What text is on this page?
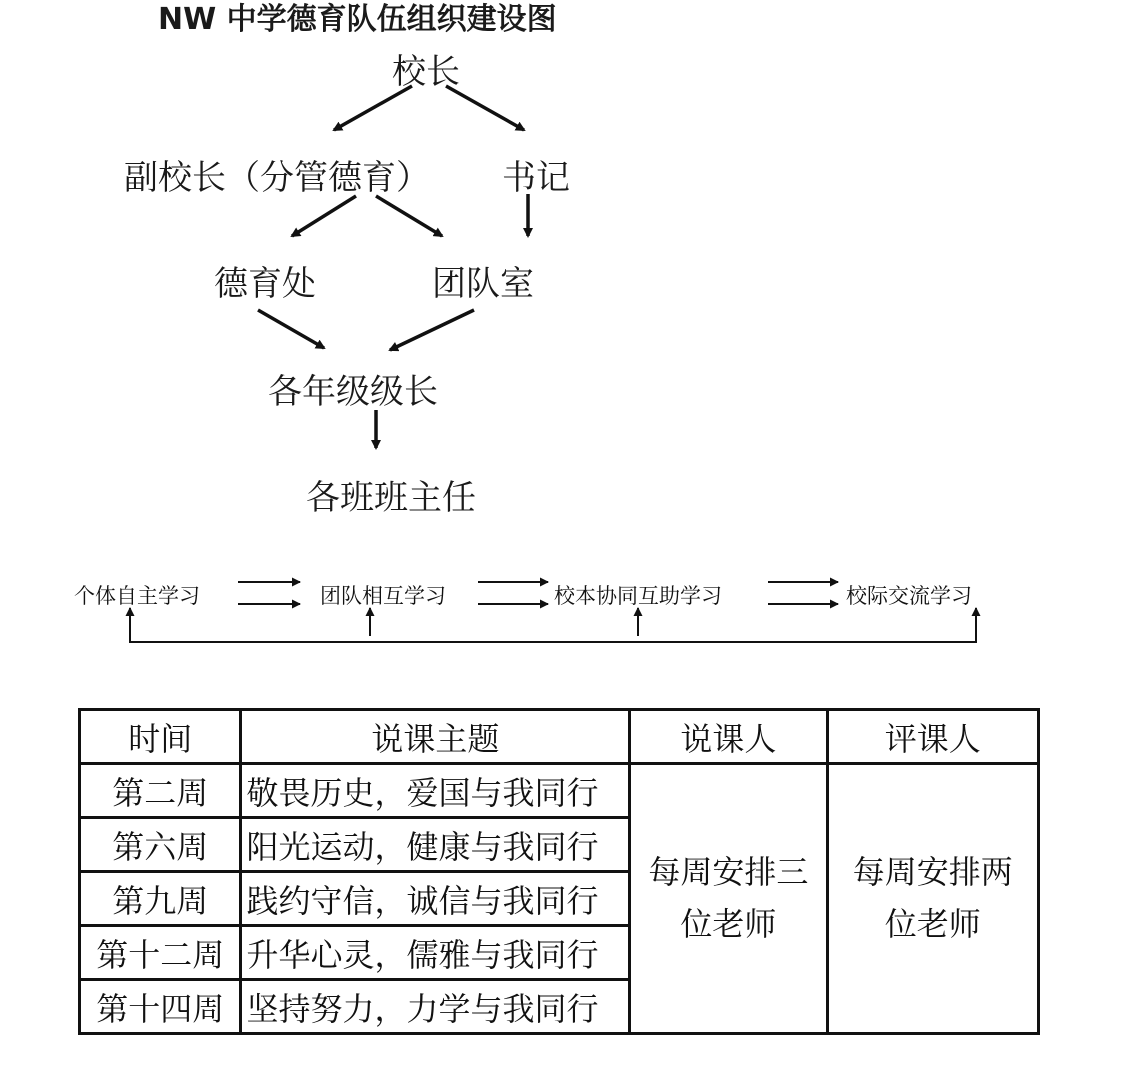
NW 中学德育队伍组织建设图
校长
副校长（分管德育） 书记
德育处	团队室
各年级级长
各班班主任
个体自主学习	团队相互学习	校本协同互助学习	校际交流学习
时间	说课主题	说课人	评课人
第二周	敬畏历史，爱国与我同行	每周安排三位老师	每周安排两位老师
第六周	阳光运动，健康与我同行		
第九周	践约守信，诚信与我同行		
第十二周	升华心灵，儒雅与我同行		
第十四周	坚持努力，力学与我同行		
